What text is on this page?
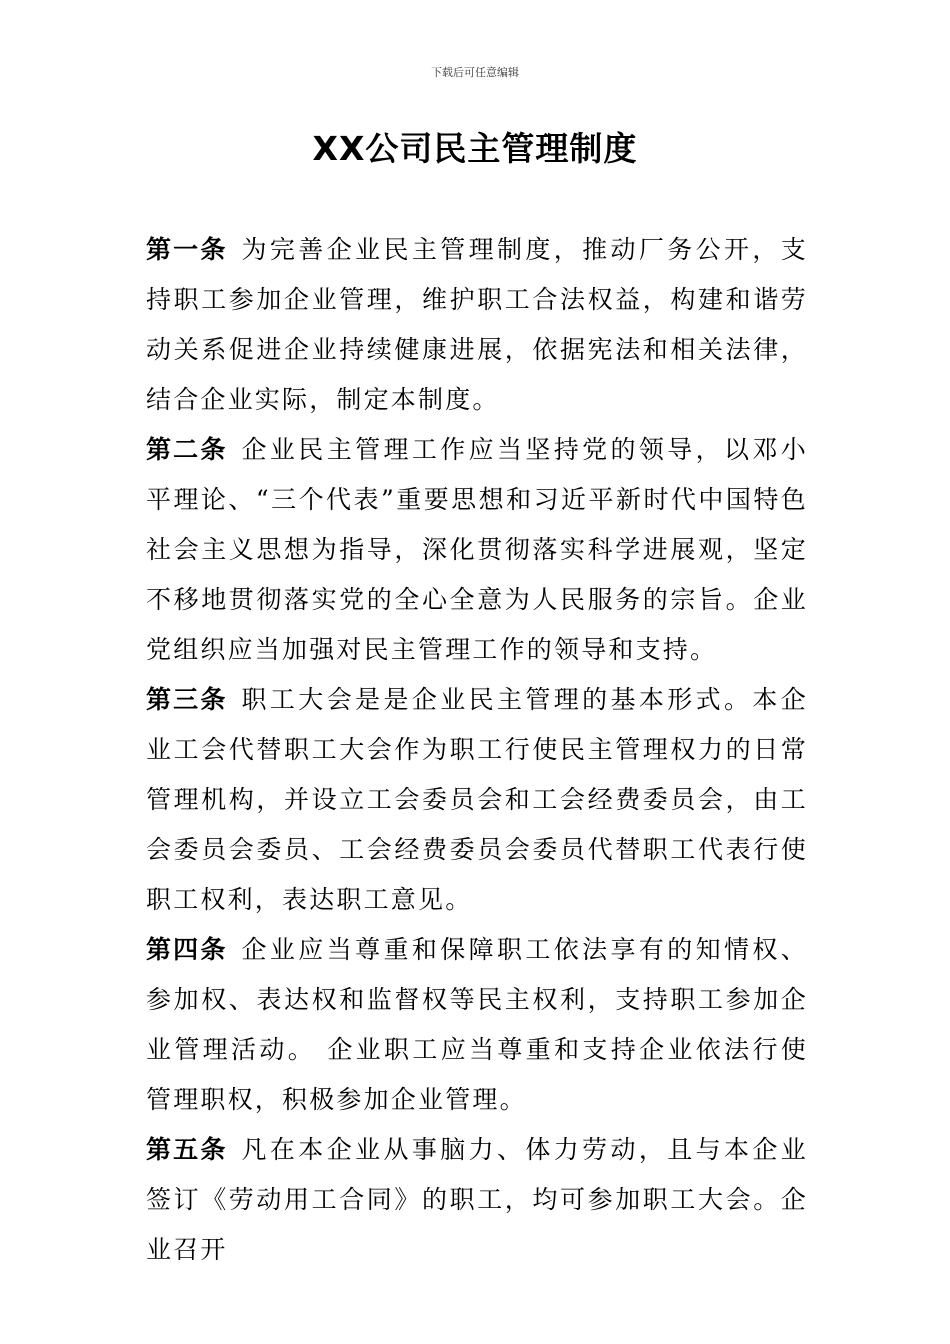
下载后可任意编辑
XX公司民主管理制度

第一条 为完善企业民主管理制度，推动厂务公开，支持职工参加企业管理，维护职工合法权益，构建和谐劳动关系促进企业持续健康进展，依据宪法和相关法律，结合企业实际，制定本制度。

第二条 企业民主管理工作应当坚持党的领导，以邓小平理论、“三个代表”重要思想和习近平新时代中国特色社会主义思想为指导，深化贯彻落实科学进展观，坚定不移地贯彻落实党的全心全意为人民服务的宗旨。企业党组织应当加强对民主管理工作的领导和支持。

第三条 职工大会是是企业民主管理的基本形式。本企业工会代替职工大会作为职工行使民主管理权力的日常管理机构，并设立工会委员会和工会经费委员会，由工会委员会委员、工会经费委员会委员代替职工代表行使职工权利，表达职工意见。

第四条 企业应当尊重和保障职工依法享有的知情权、参加权、表达权和监督权等民主权利，支持职工参加企业管理活动。 企业职工应当尊重和支持企业依法行使管理职权，积极参加企业管理。

第五条 凡在本企业从事脑力、体力劳动，且与本企业签订《劳动用工合同》的职工，均可参加职工大会。企业召开
